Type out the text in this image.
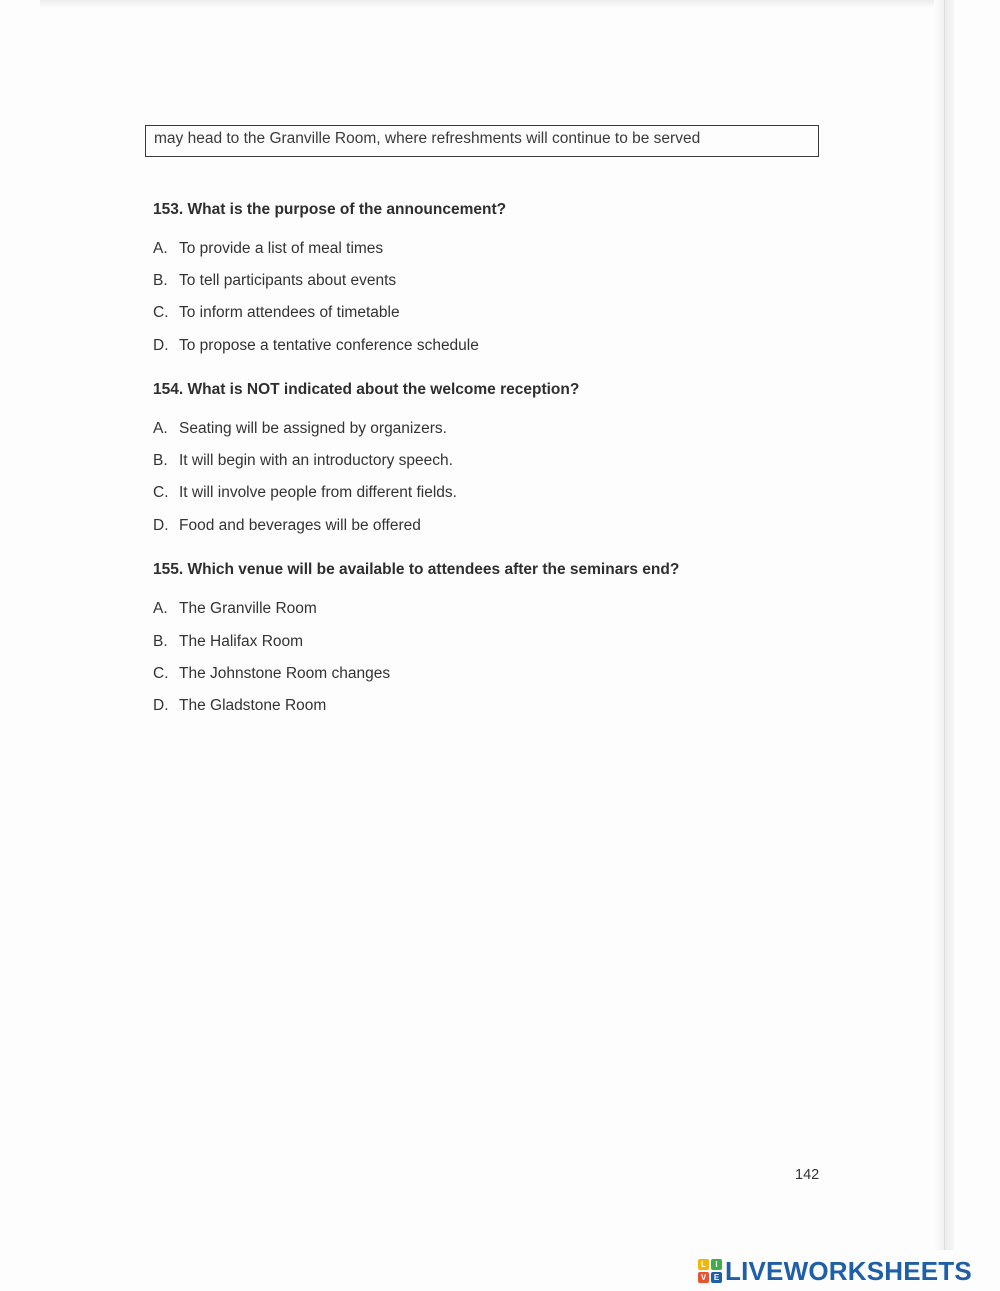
may head to the Granville Room, where refreshments will continue to be served
153. What is the purpose of the announcement?
A. To provide a list of meal times
B. To tell participants about events
C. To inform attendees of timetable
D. To propose a tentative conference schedule
154. What is NOT indicated about the welcome reception?
A. Seating will be assigned by organizers.
B. It will begin with an introductory speech.
C. It will involve people from different fields.
D. Food and beverages will be offered
155. Which venue will be available to attendees after the seminars end?
A. The Granville Room
B. The Halifax Room
C. The Johnstone Room changes
D. The Gladstone Room
142
L	I
V E LIVEWORKSHEETS
